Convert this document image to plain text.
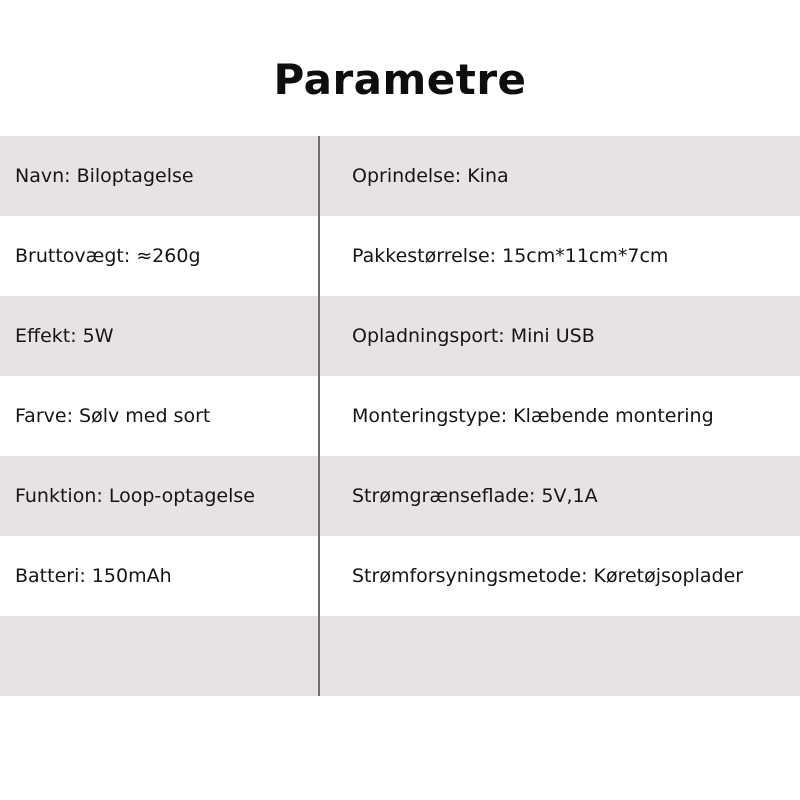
Parametre
Navn: Biloptagelse	Oprindelse: Kina
Bruttovægt: ≈260g	Pakkestørrelse: 15cm*11cm*7cm
Effekt: 5W	Opladningsport: Mini USB
Farve: Sølv med sort	Monteringstype: Klæbende montering
Funktion: Loop-optagelse	Strømgrænseflade: 5V,1A
Batteri: 150mAh	Strømforsyningsmetode: Køretøjsoplader
